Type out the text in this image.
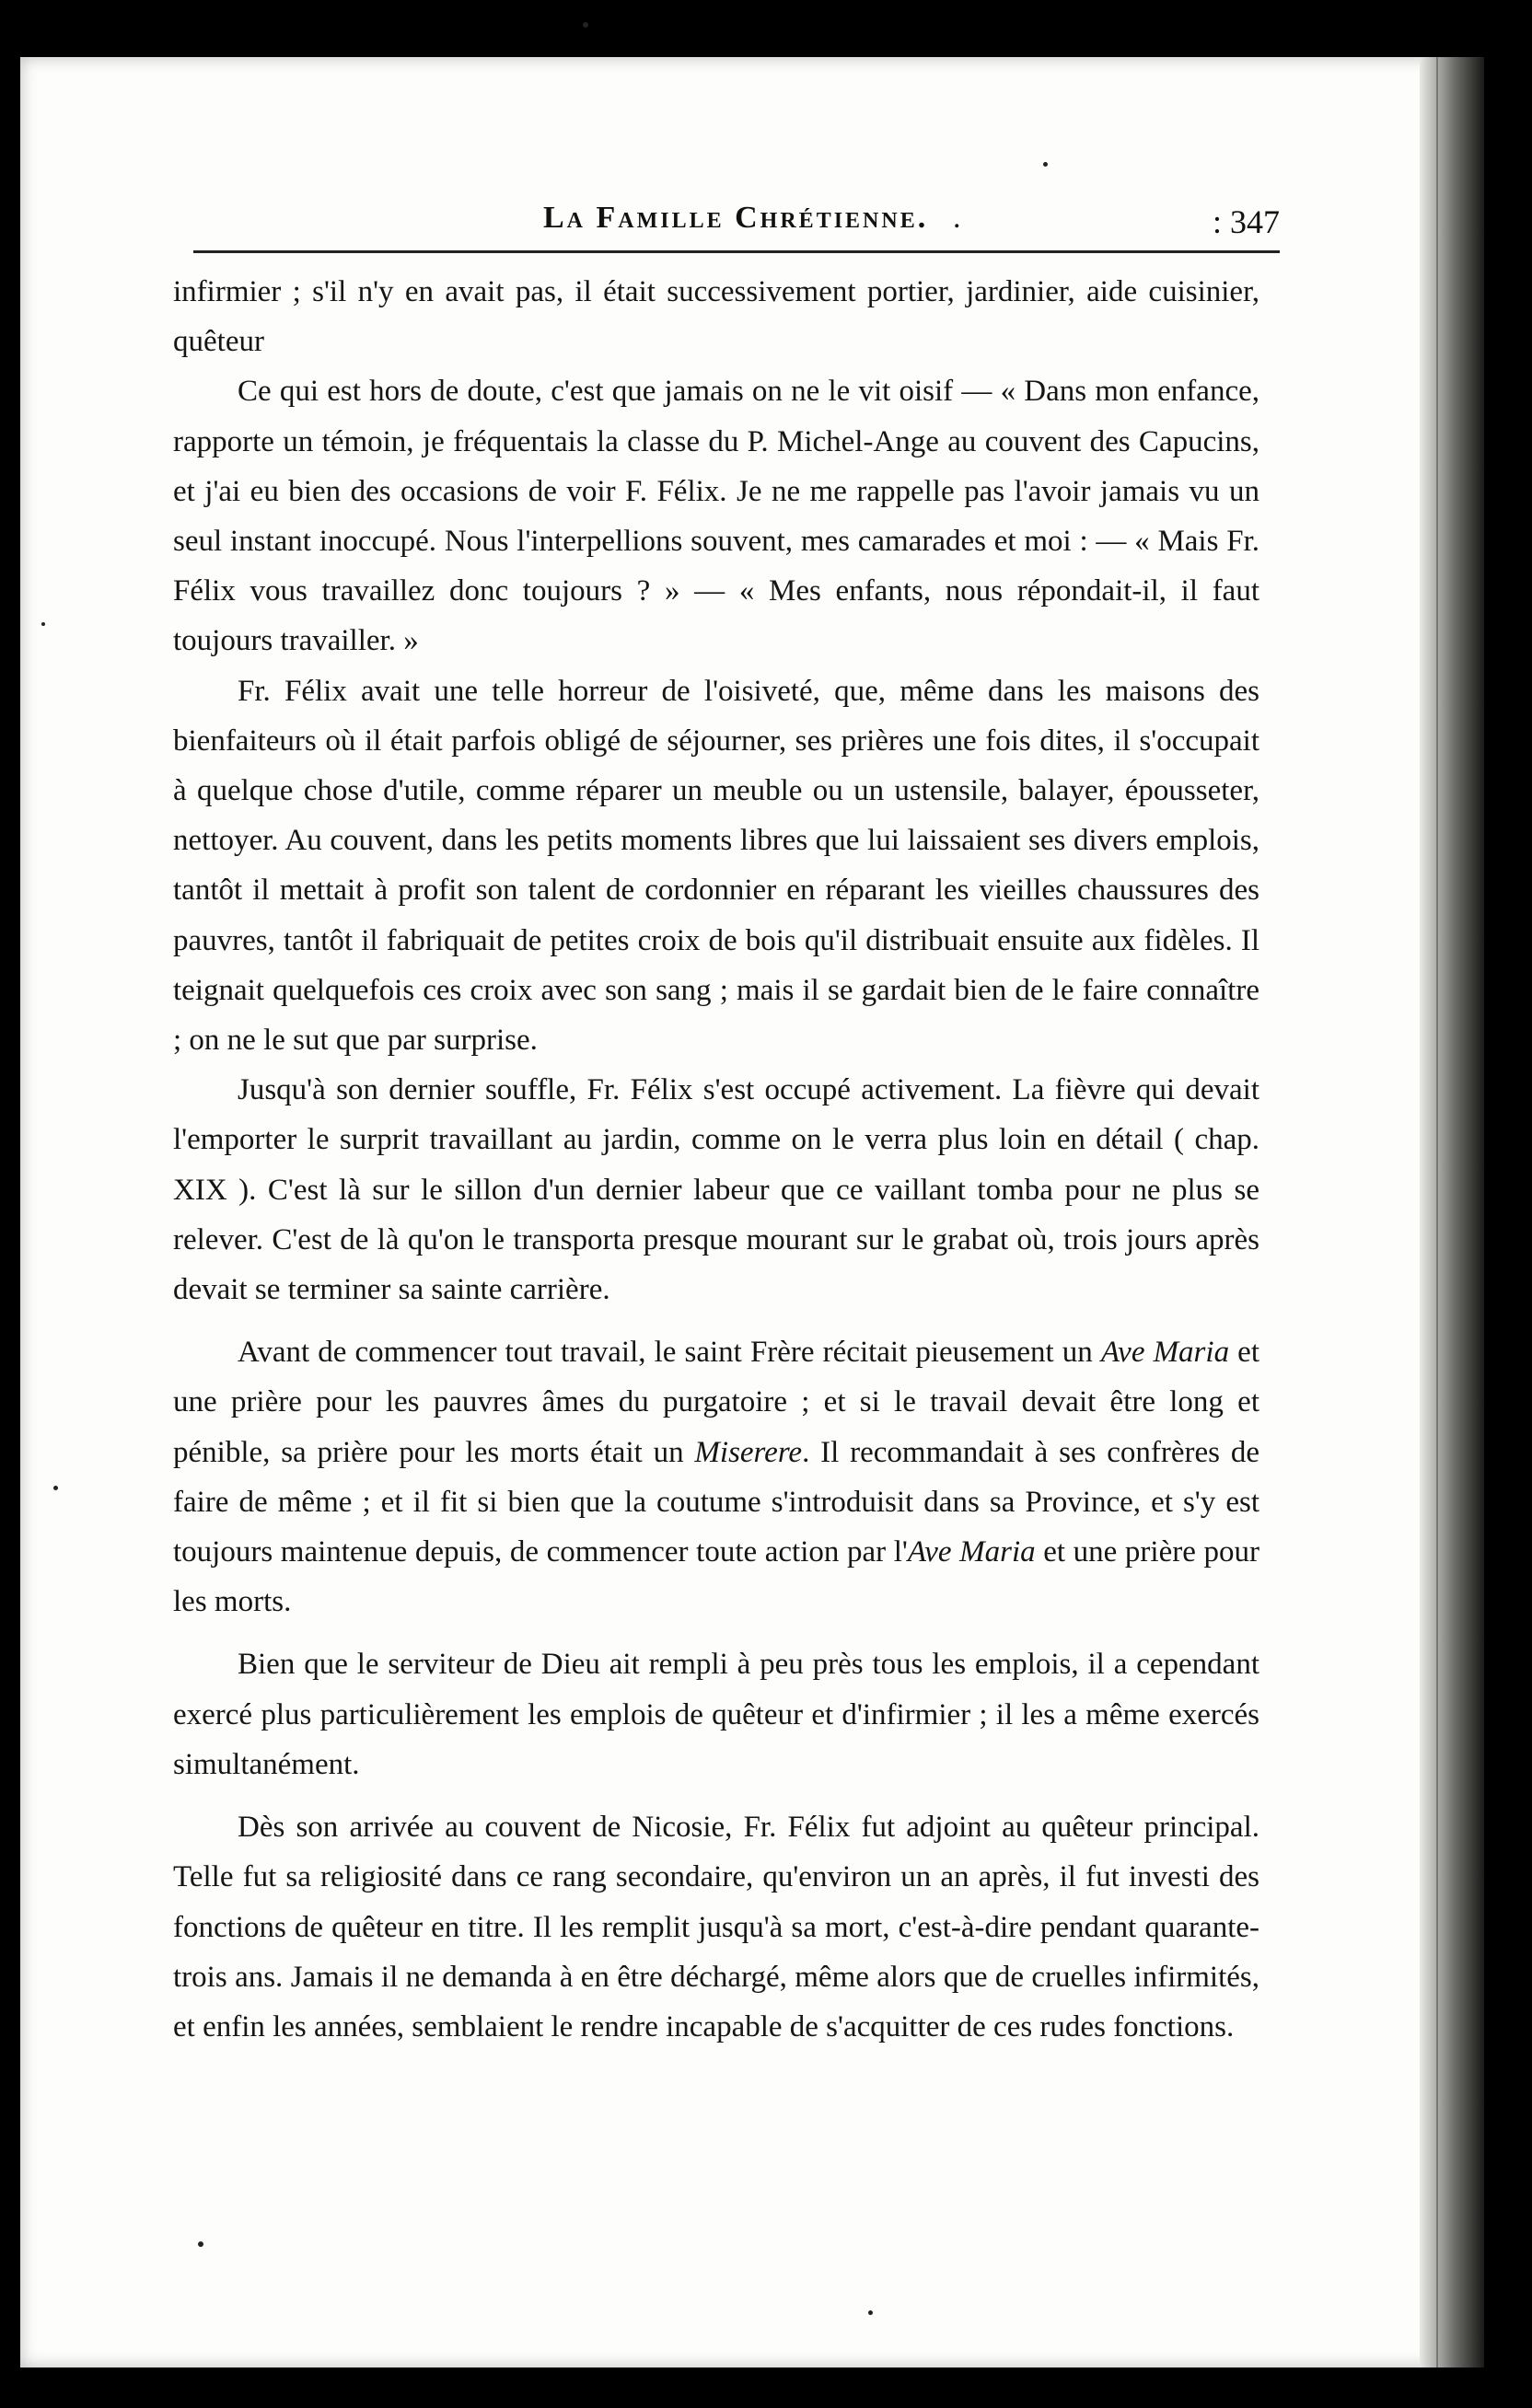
La Famille Chrétienne. .	: 347

infirmier ; s'il n'y en avait pas, il était successivement portier, jardinier, aide cuisinier, quêteur

Ce qui est hors de doute, c'est que jamais on ne le vit oisif — « Dans mon enfance, rapporte un témoin, je fréquentais la classe du P. Michel-Ange au couvent des Capucins, et j'ai eu bien des occasions de voir F. Félix. Je ne me rappelle pas l'avoir jamais vu un seul instant inoccupé. Nous l'interpellions souvent, mes camarades et moi : — « Mais Fr. Félix vous travaillez donc toujours ? » — « Mes enfants, nous répondait-il, il faut toujours travailler. »

Fr. Félix avait une telle horreur de l'oisiveté, que, même dans les maisons des bienfaiteurs où il était parfois obligé de séjourner, ses prières une fois dites, il s'occupait à quelque chose d'utile, comme réparer un meuble ou un ustensile, balayer, épousseter, nettoyer. Au couvent, dans les petits moments libres que lui laissaient ses divers emplois, tantôt il mettait à profit son talent de cordonnier en réparant les vieilles chaussures des pauvres, tantôt il fabriquait de petites croix de bois qu'il distribuait ensuite aux fidèles. Il teignait quelquefois ces croix avec son sang ; mais il se gardait bien de le faire connaître ; on ne le sut que par surprise.

Jusqu'à son dernier souffle, Fr. Félix s'est occupé activement. La fièvre qui devait l'emporter le surprit travaillant au jardin, comme on le verra plus loin en détail ( chap. XIX ). C'est là sur le sillon d'un dernier labeur que ce vaillant tomba pour ne plus se relever. C'est de là qu'on le transporta presque mourant sur le grabat où, trois jours après devait se terminer sa sainte carrière.

Avant de commencer tout travail, le saint Frère récitait pieusement un Ave Maria et une prière pour les pauvres âmes du purgatoire ; et si le travail devait être long et pénible, sa prière pour les morts était un Miserere. Il recommandait à ses confrères de faire de même ; et il fit si bien que la coutume s'introduisit dans sa Province, et s'y est toujours maintenue depuis, de commencer toute action par l'Ave Maria et une prière pour les morts.

Bien que le serviteur de Dieu ait rempli à peu près tous les emplois, il a cependant exercé plus particulièrement les emplois de quêteur et d'infirmier ; il les a même exercés simultanément.

Dès son arrivée au couvent de Nicosie, Fr. Félix fut adjoint au quêteur principal. Telle fut sa religiosité dans ce rang secondaire, qu'environ un an après, il fut investi des fonctions de quêteur en titre. Il les remplit jusqu'à sa mort, c'est-à-dire pendant quarante-trois ans. Jamais il ne demanda à en être déchargé, même alors que de cruelles infirmités, et enfin les années, semblaient le rendre incapable de s'acquitter de ces rudes fonctions.
